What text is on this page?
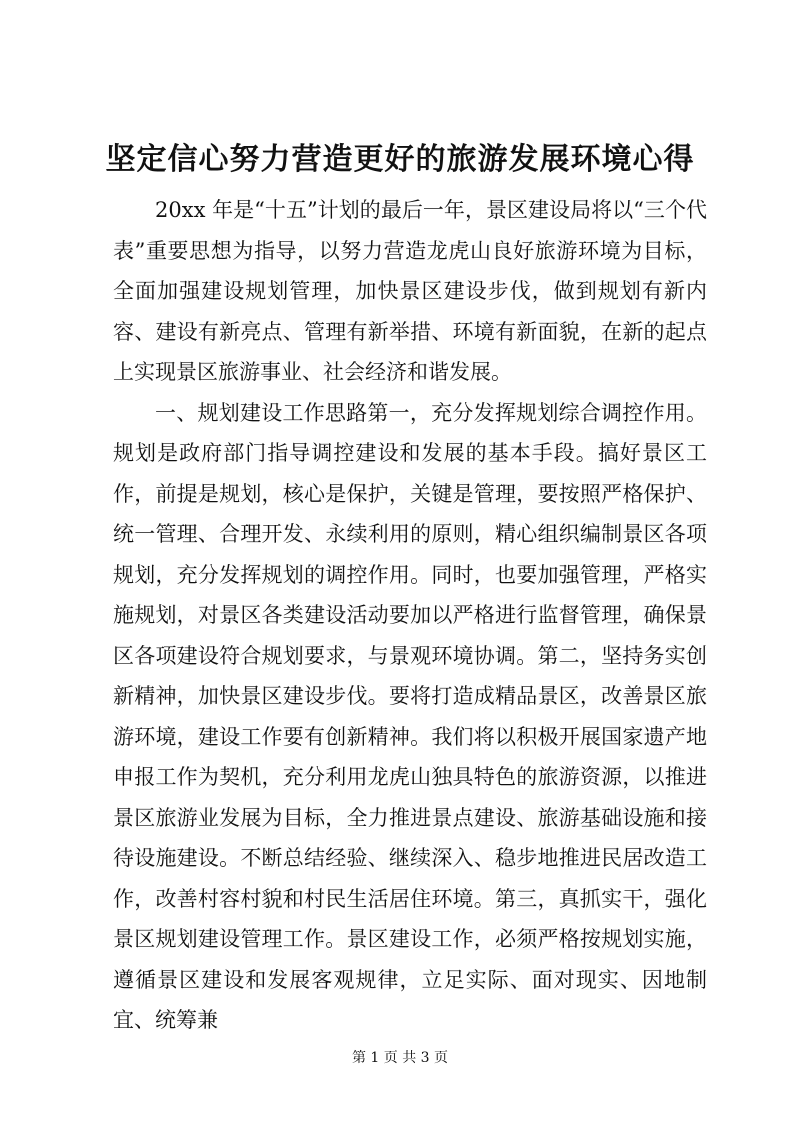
坚定信心努力营造更好的旅游发展环境心得

20xx 年是“十五”计划的最后一年，景区建设局将以“三个代表”重要思想为指导，以努力营造龙虎山良好旅游环境为目标，全面加强建设规划管理，加快景区建设步伐，做到规划有新内容、建设有新亮点、管理有新举措、环境有新面貌，在新的起点上实现景区旅游事业、社会经济和谐发展。

一、规划建设工作思路第一，充分发挥规划综合调控作用。规划是政府部门指导调控建设和发展的基本手段。搞好景区工作，前提是规划，核心是保护，关键是管理，要按照严格保护、统一管理、合理开发、永续利用的原则，精心组织编制景区各项规划，充分发挥规划的调控作用。同时，也要加强管理，严格实施规划，对景区各类建设活动要加以严格进行监督管理，确保景区各项建设符合规划要求，与景观环境协调。第二，坚持务实创新精神，加快景区建设步伐。要将打造成精品景区，改善景区旅游环境，建设工作要有创新精神。我们将以积极开展国家遗产地申报工作为契机，充分利用龙虎山独具特色的旅游资源，以推进景区旅游业发展为目标，全力推进景点建设、旅游基础设施和接待设施建设。不断总结经验、继续深入、稳步地推进民居改造工作，改善村容村貌和村民生活居住环境。第三，真抓实干，强化景区规划建设管理工作。景区建设工作，必须严格按规划实施，遵循景区建设和发展客观规律，立足实际、面对现实、因地制宜、统筹兼

第 1 页 共 3 页
